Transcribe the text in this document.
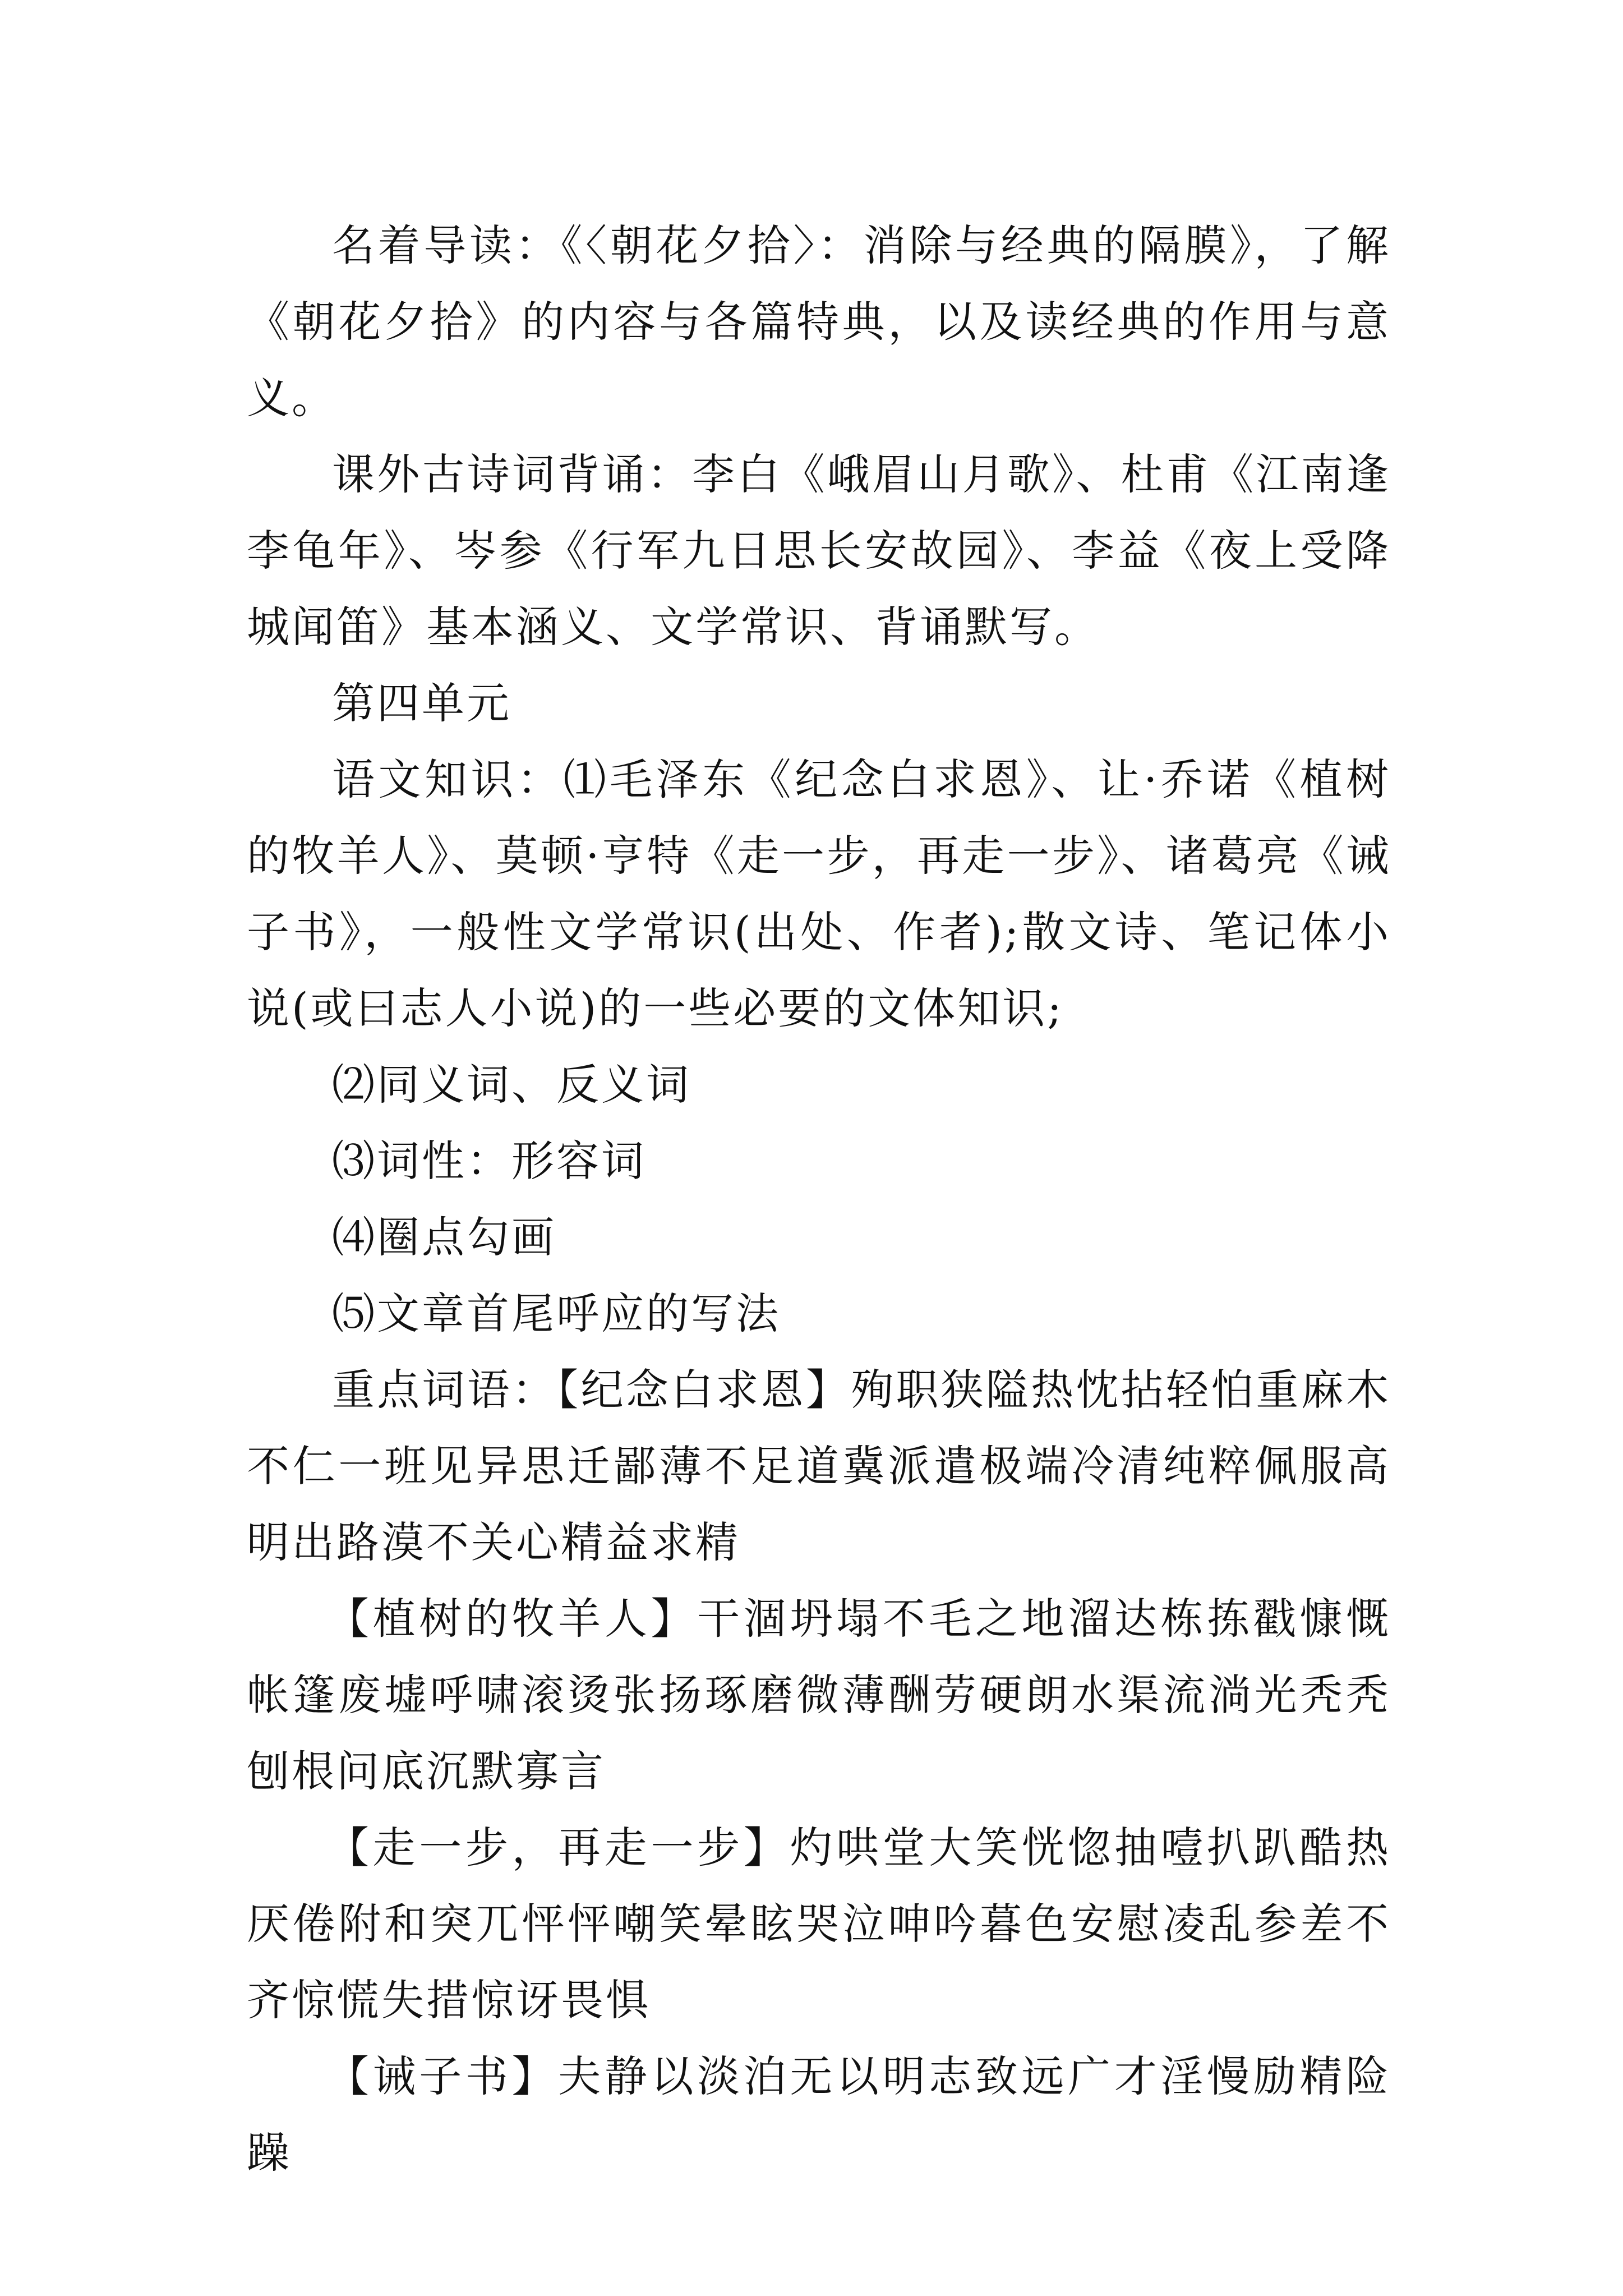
名着导读：《〈朝花夕拾〉：消除与经典的隔膜》，了解《朝花夕拾》的内容与各篇特典，以及读经典的作用与意义。

课外古诗词背诵：李白《峨眉山月歌》、杜甫《江南逢李龟年》、岑参《行军九日思长安故园》、李益《夜上受降城闻笛》基本涵义、文学常识、背诵默写。

第四单元

语文知识：⑴毛泽东《纪念白求恩》、让·乔诺《植树的牧羊人》、莫顿·亨特《走一步，再走一步》、诸葛亮《诫子书》，一般性文学常识(出处、作者);散文诗、笔记体小说(或曰志人小说)的一些必要的文体知识;

⑵同义词、反义词

⑶词性：形容词

⑷圈点勾画

⑸文章首尾呼应的写法

重点词语：【纪念白求恩】殉职狭隘热忱拈轻怕重麻木不仁一班见异思迁鄙薄不足道冀派遣极端冷清纯粹佩服高明出路漠不关心精益求精

【植树的牧羊人】干涸坍塌不毛之地溜达栋拣戳慷慨帐篷废墟呼啸滚烫张扬琢磨微薄酬劳硬朗水渠流淌光秃秃刨根问底沉默寡言

【走一步，再走一步】灼哄堂大笑恍惚抽噎扒趴酷热厌倦附和突兀怦怦嘲笑晕眩哭泣呻吟暮色安慰凌乱参差不齐惊慌失措惊讶畏惧

【诫子书】夫静以淡泊无以明志致远广才淫慢励精险躁
